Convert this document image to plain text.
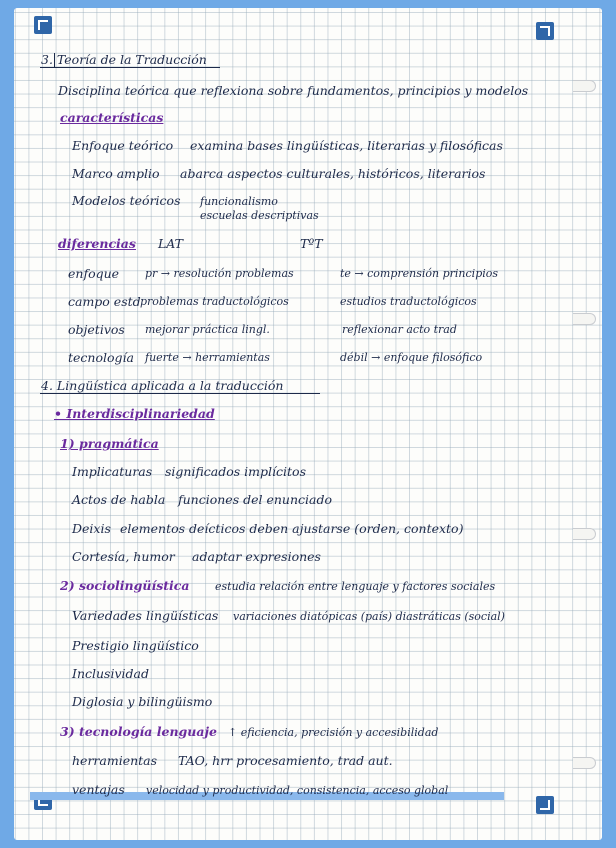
3. Teoría de la Traducción
Disciplina teórica que reflexiona sobre fundamentos, principios y modelos
características
Enfoque teórico examina bases lingüísticas, literarias y filosóficas
Marco amplio abarca aspectos culturales, históricos, literarios
Modelos teóricos funcionalismo
escuelas descriptivas
diferencias LAT	TºT
enfoque pr → resolución problemas	te → comprensión principios
campo estd problemas traductológicos	estudios traductológicos
objetivos mejorar práctica lingl.	reflexionar acto trad
tecnología fuerte → herramientas	débil → enfoque filosófico
4. Lingüística aplicada a la traducción
• Interdisciplinariedad
1) pragmática
Implicaturas significados implícitos
Actos de habla funciones del enunciado
Deixis elementos deícticos deben ajustarse (orden, contexto)
Cortesía, humor adaptar expresiones
2) sociolingüística estudia relación entre lenguaje y factores sociales
Variedades lingüísticas variaciones diatópicas (país) diastráticas (social)
Prestigio lingüístico
Inclusividad
Diglosia y bilingüismo
3) tecnología lenguaje ↑ eficiencia, precisión y accesibilidad
herramientas TAO, hrr procesamiento, trad aut.
ventajas velocidad y productividad, consistencia, acceso global
